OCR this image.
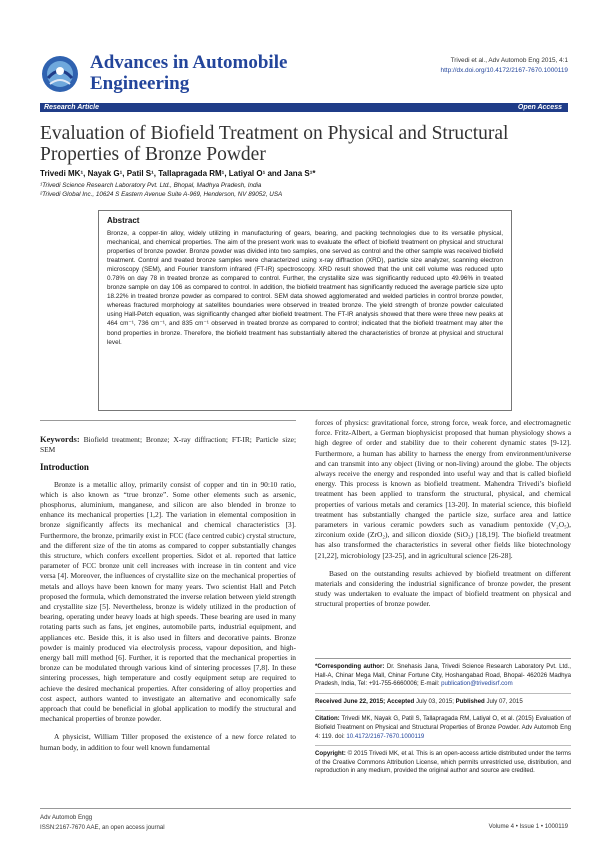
Advances in Automobile Engineering
Trivedi et al., Adv Automob Eng 2015, 4:1
http://dx.doi.org/10.4172/2167-7670.1000119
Research Article	Open Access
Evaluation of Biofield Treatment on Physical and Structural Properties of Bronze Powder
Trivedi MK¹, Nayak G¹, Patil S¹, Tallapragada RM¹, Latiyal O¹ and Jana S¹*
¹Trivedi Science Research Laboratory Pvt. Ltd., Bhopal, Madhya Pradesh, India
²Trivedi Global Inc., 10624 S Eastern Avenue Suite A-969, Henderson, NV 89052, USA
Abstract
Bronze, a copper-tin alloy, widely utilizing in manufacturing of gears, bearing, and packing technologies due to its versatile physical, mechanical, and chemical properties. The aim of the present work was to evaluate the effect of biofield treatment on physical and structural properties of bronze powder. Bronze powder was divided into two samples, one served as control and the other sample was received biofield treatment. Control and treated bronze samples were characterized using x-ray diffraction (XRD), particle size analyzer, scanning electron microscopy (SEM), and Fourier transform infrared (FT-IR) spectroscopy. XRD result showed that the unit cell volume was reduced upto 0.78% on day 78 in treated bronze as compared to control. Further, the crystallite size was significantly reduced upto 49.96% in treated bronze sample on day 106 as compared to control. In addition, the biofield treatment has significantly reduced the average particle size upto 18.22% in treated bronze powder as compared to control. SEM data showed agglomerated and welded particles in control bronze powder, whereas fractured morphology at satellites boundaries were observed in treated bronze. The yield strength of bronze powder calculated using Hall-Petch equation, was significantly changed after biofield treatment. The FT-IR analysis showed that there were three new peaks at 464 cm⁻¹, 736 cm⁻¹, and 835 cm⁻¹ observed in treated bronze as compared to control; indicated that the biofield treatment may alter the bond properties in bronze. Therefore, the biofield treatment has substantially altered the characteristics of bronze at physical and structural level.

Keywords: Biofield treatment; Bronze; X-ray diffraction; FT-IR; Particle size; SEM

Introduction

Bronze is a metallic alloy, primarily consist of copper and tin in 90:10 ratio, which is also known as “true bronze”. Some other elements such as arsenic, phosphorus, aluminium, manganese, and silicon are also blended in bronze to enhance its mechanical properties [1,2]. The variation in elemental composition in bronze significantly affects its mechanical and chemical characteristics [3]. Furthermore, the bronze, primarily exist in FCC (face centred cubic) crystal structure, and the different size of the tin atoms as compared to copper substantially changes this structure, which confers excellent properties. Sidot et al. reported that lattice parameter of FCC bronze unit cell increases with increase in tin content and vice versa [4]. Moreover, the influences of crystallite size on the mechanical properties of metals and alloys have been known for many years. Two scientist Hall and Petch proposed the formula, which demonstrated the inverse relation between yield strength and crystallite size [5]. Nevertheless, bronze is widely utilized in the production of bearing, operating under heavy loads at high speeds. These bearing are used in many rotating parts such as fans, jet engines, automobile parts, industrial equipment, and appliances etc. Beside this, it is also used in filters and decorative paints. Bronze powder is mainly produced via electrolysis process, vapour deposition, and high-energy ball mill method [6]. Further, it is reported that the mechanical properties in bronze can be modulated through various kind of sintering processes [7,8]. In these sintering processes, high temperature and costly equipment setup are required to achieve the desired mechanical properties. After considering of alloy properties and cost aspect, authors wanted to investigate an alternative and economically safe approach that could be beneficial in global application to modify the structural and mechanical properties of bronze powder.

A physicist, William Tiller proposed the existence of a new force related to human body, in addition to four well known fundamental

forces of physics: gravitational force, strong force, weak force, and electromagnetic force. Fritz-Albert, a German biophysicist proposed that human physiology shows a high degree of order and stability due to their coherent dynamic states [9-12]. Furthermore, a human has ability to harness the energy from environment/universe and can transmit into any object (living or non-living) around the globe. The objects always receive the energy and responded into useful way and that is called biofield energy. This process is known as biofield treatment. Mahendra Trivedi’s biofield treatment has been applied to transform the structural, physical, and chemical properties of various metals and ceramics [13-20]. In material science, this biofield treatment has substantially changed the particle size, surface area and lattice parameters in various ceramic powders such as vanadium pentoxide (V₂O₅), zirconium oxide (ZrO₂), and silicon dioxide (SiO₂) [18,19]. The biofield treatment has also transformed the characteristics in several other fields like biotechnology [21,22], microbiology [23-25], and in agricultural science [26-28].

Based on the outstanding results achieved by biofield treatment on different materials and considering the industrial significance of bronze powder, the present study was undertaken to evaluate the impact of biofield treatment on physical and structural properties of bronze powder.

*Corresponding author: Dr. Snehasis Jana, Trivedi Science Research Laboratory Pvt. Ltd., Hall-A, Chinar Mega Mall, Chinar Fortune City, Hoshangabad Road, Bhopal- 462026 Madhya Pradesh, India, Tel: +91-755-6660006; E-mail: publication@trivedisrf.com

Received June 22, 2015; Accepted July 03, 2015; Published July 07, 2015

Citation: Trivedi MK, Nayak G, Patil S, Tallapragada RM, Latiyal O, et al. (2015) Evaluation of Biofield Treatment on Physical and Structural Properties of Bronze Powder. Adv Automob Eng 4: 119. doi: 10.4172/2167-7670.1000119

Copyright: © 2015 Trivedi MK, et al. This is an open-access article distributed under the terms of the Creative Commons Attribution License, which permits unrestricted use, distribution, and reproduction in any medium, provided the original author and source are credited.

Adv Automob Engg
ISSN:2167-7670 AAE, an open access journal	Volume 4 • Issue 1 • 1000119
